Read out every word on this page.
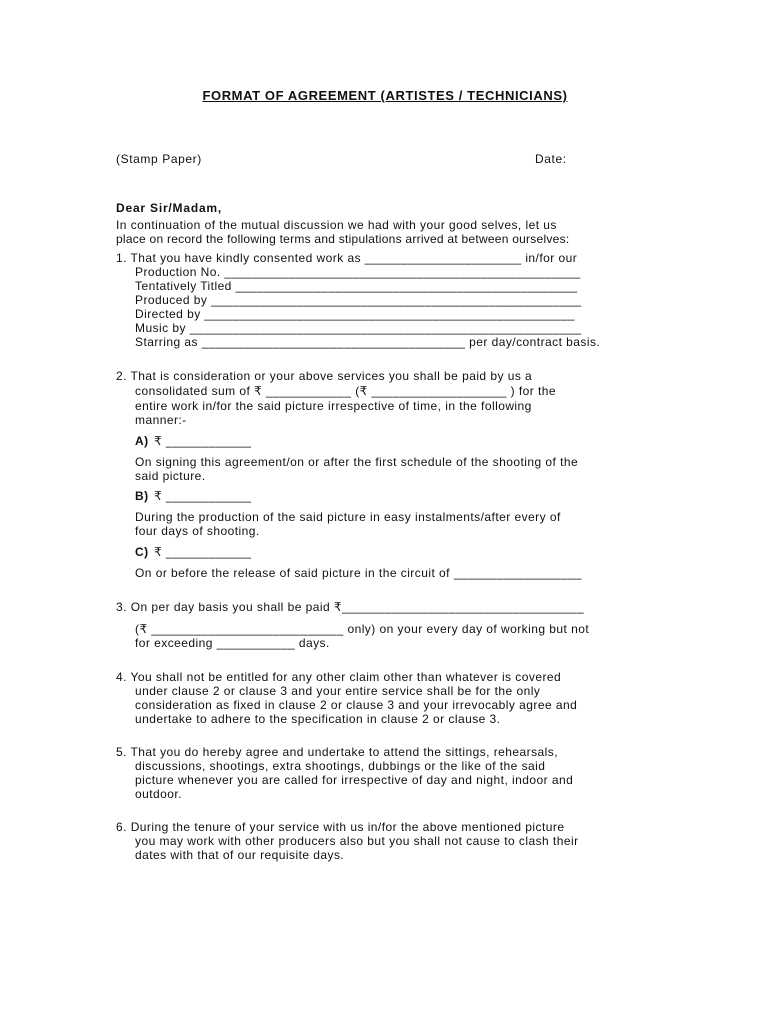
FORMAT OF AGREEMENT (ARTISTES / TECHNICIANS)
(Stamp Paper)	Date:
Dear Sir/Madam,
In continuation of the mutual discussion we had with your good selves, let us
place on record the following terms and stipulations arrived at between ourselves:
1. That you have kindly consented work as ______________________ in/for our
Production No. __________________________________________________
Tentatively Titled ________________________________________________
Produced by ____________________________________________________
Directed by ____________________________________________________
Music by _______________________________________________________
Starring as _____________________________________ per day/contract basis.
2. That is consideration or your above services you shall be paid by us a
consolidated sum of ₹ ____________ (₹ ___________________ ) for the
entire work in/for the said picture irrespective of time, in the following
manner:-
A) ₹ ____________
On signing this agreement/on or after the first schedule of the shooting of the
said picture.
B) ₹ ____________
During the production of the said picture in easy instalments/after every of
four days of shooting.
C) ₹ ____________
On or before the release of said picture in the circuit of __________________
3. On per day basis you shall be paid ₹__________________________________
(₹ ___________________________ only) on your every day of working but not
for exceeding ___________ days.
4. You shall not be entitled for any other claim other than whatever is covered
under clause 2 or clause 3 and your entire service shall be for the only
consideration as fixed in clause 2 or clause 3 and your irrevocably agree and
undertake to adhere to the specification in clause 2 or clause 3.
5. That you do hereby agree and undertake to attend the sittings, rehearsals,
discussions, shootings, extra shootings, dubbings or the like of the said
picture whenever you are called for irrespective of day and night, indoor and
outdoor.
6. During the tenure of your service with us in/for the above mentioned picture
you may work with other producers also but you shall not cause to clash their
dates with that of our requisite days.
